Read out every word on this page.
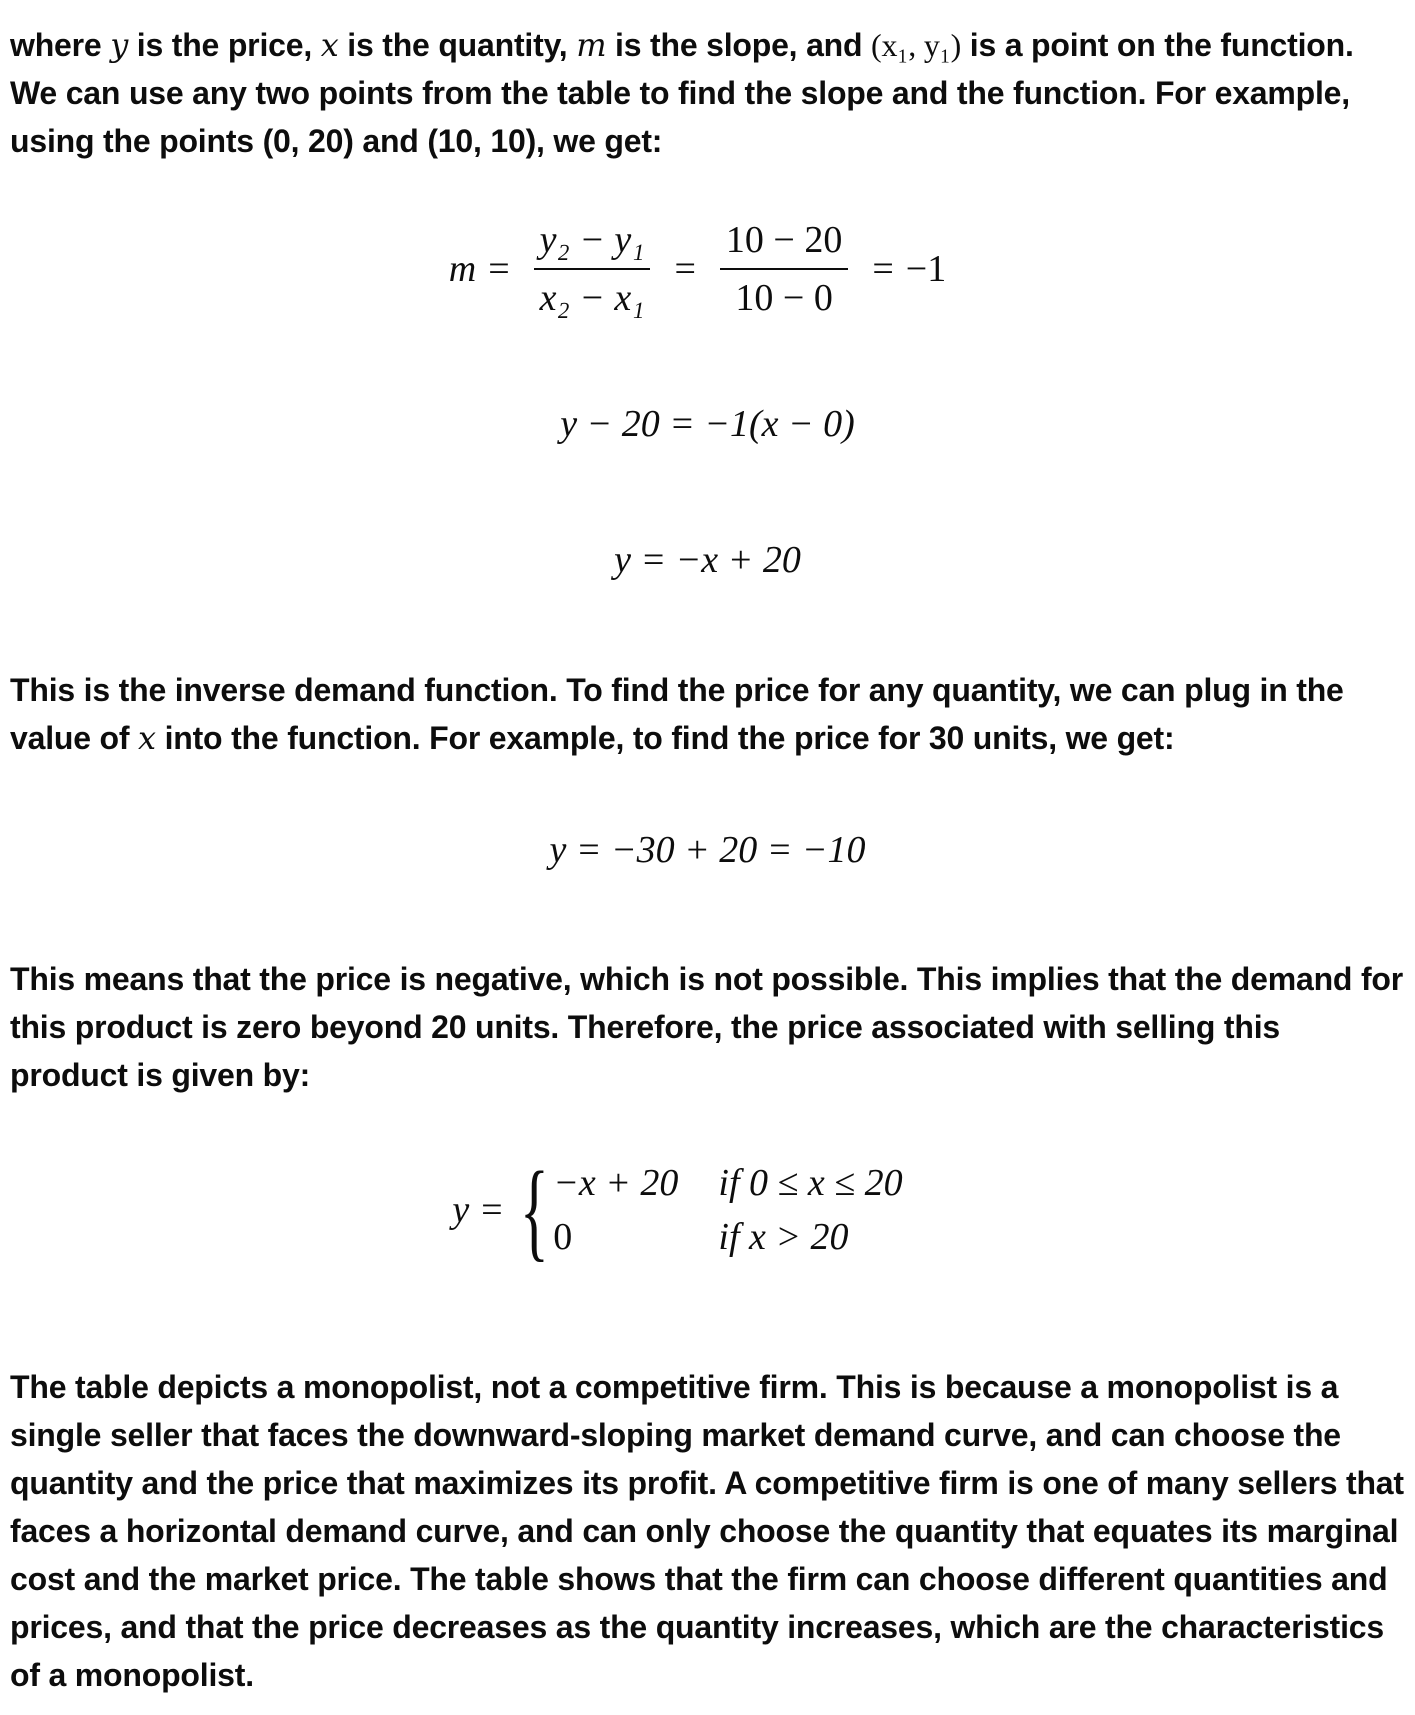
where y is the price, x is the quantity, m is the slope, and (x₁, y₁) is a point on the function. We can use any two points from the table to find the slope and the function. For example, using the points (0, 20) and (10, 10), we get:

This is the inverse demand function. To find the price for any quantity, we can plug in the value of x into the function. For example, to find the price for 30 units, we get:

This means that the price is negative, which is not possible. This implies that the demand for this product is zero beyond 20 units. Therefore, the price associated with selling this product is given by:

The table depicts a monopolist, not a competitive firm. This is because a monopolist is a single seller that faces the downward-sloping market demand curve, and can choose the quantity and the price that maximizes its profit. A competitive firm is one of many sellers that faces a horizontal demand curve, and can only choose the quantity that equates its marginal cost and the market price. The table shows that the firm can choose different quantities and prices, and that the price decreases as the quantity increases, which are the characteristics of a monopolist.

$m = \frac{\text{y₂ − y₁}}{\text{x₂ − x₁}} = \frac{10 - 20}{10 - 0} = -1$
y − 20 = −1(x − 0)
y = −x + 20
y = −30 + 20 = −10
y = { −x + 20 if 0 ≤ x ≤ 20
0	if x > 20
